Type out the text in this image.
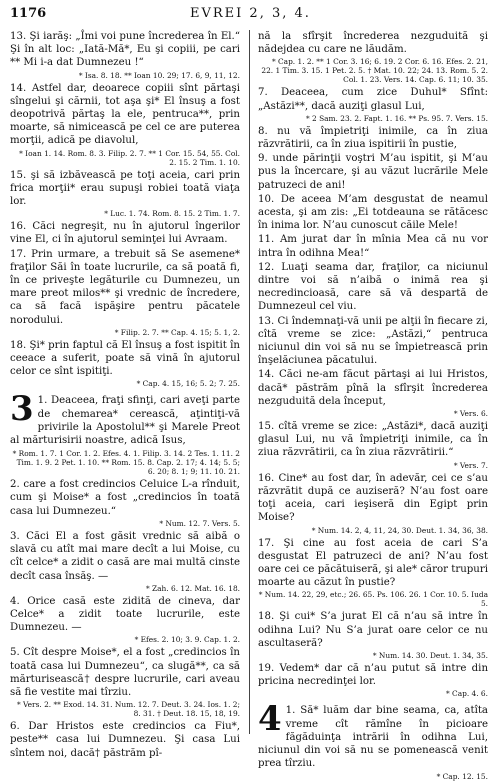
1176	EVREI 2, 3, 4.

13. Şi iarăş: „Îmi voi pune încrederea în El.“ Şi în alt loc: „Iată-Mă*, Eu şi copiii, pe cari ** Mi i-a dat Dumnezeu !“

* Isa. 8. 18. ** Ioan 10. 29; 17. 6, 9, 11, 12.

14. Astfel dar, deoarece copiii sînt părtaşi sîngelui şi cărnii, tot aşa şi* El însuş a fost deopotrivă părtaş la ele, pentruca**, prin moarte, să nimicească pe cel ce are puterea morţii, adică pe diavolul,

* Ioan 1. 14. Rom. 8. 3. Filip. 2. 7. ** 1 Cor. 15. 54, 55. Col. 2. 15. 2 Tim. 1. 10.

15. şi să izbăvească pe toţi aceia, cari prin frica morţii* erau supuşi robiei toată viaţa lor.

* Luc. 1. 74. Rom. 8. 15. 2 Tim. 1. 7.

16. Căci negreşit, nu în ajutorul îngerilor vine El, ci în ajutorul seminţei lui Avraam.

17. Prin urmare, a trebuit să Se asemene* fraţilor Săi în toate lucrurile, ca să poată fi, în ce priveşte legăturile cu Dumnezeu, un mare preot milos** şi vrednic de încredere, ca să facă ispăşire pentru păcatele norodului.

* Filip. 2. 7. ** Cap. 4. 15; 5. 1, 2.

18. Şi* prin faptul că El însuş a fost ispitit în ceeace a suferit, poate să vină în ajutorul celor ce sînt ispitiţi.

* Cap. 4. 15, 16; 5. 2; 7. 25.

3 1. Deaceea, fraţi sfinţi, cari aveţi parte de chemarea* cerească, aţintiţi-vă privirile la Apostolul** şi Marele Preot al mărturisirii noastre, adică Isus,

* Rom. 1. 7. 1 Cor. 1. 2. Efes. 4. 1. Filip. 3. 14. 2 Tes. 1. 11. 2 Tim. 1. 9. 2 Pet. 1. 10. ** Rom. 15. 8. Cap. 2. 17; 4. 14; 5. 5; 6. 20; 8. 1; 9; 11. 10. 21.

2. care a fost credincios Celuice L-a rînduit, cum şi Moise* a fost „credincios în toată casa lui Dumnezeu.“

* Num. 12. 7. Vers. 5.

3. Căci El a fost găsit vrednic să aibă o slavă cu atît mai mare decît a lui Moise, cu cît celce* a zidit o casă are mai multă cinste decît casa însăş. —

* Zah. 6. 12. Mat. 16. 18.

4. Orice casă este zidită de cineva, dar Celce* a zidit toate lucrurile, este Dumnezeu. —

* Efes. 2. 10; 3. 9. Cap. 1. 2.

5. Cît despre Moise*, el a fost „credincios în toată casa lui Dumnezeu“, ca slugă**, ca să mărturisească† despre lucrurile, cari aveau să fie vestite mai tîrziu.

* Vers. 2. ** Exod. 14. 31. Num. 12. 7. Deut. 3. 24. Ios. 1. 2; 8. 31. † Deut. 18. 15, 18, 19.

6. Dar Hristos este credincios ca Fiu*, peste** casa lui Dumnezeu. Şi casa Lui sîntem noi, dacă† păstrăm pî-

nă la sfîrşit încrederea nezguduită şi nădejdea cu care ne lăudăm.

* Cap. 1. 2. ** 1 Cor. 3. 16; 6. 19. 2 Cor. 6. 16. Efes. 2. 21, 22. 1 Tim. 3. 15. 1 Pet. 2. 5. † Mat. 10. 22; 24. 13. Rom. 5. 2. Col. 1. 23. Vers. 14. Cap. 6. 11; 10. 35.

7. Deaceea, cum zice Duhul* Sfînt: „Astăzi**, dacă auziţi glasul Lui,

* 2 Sam. 23. 2. Fapt. 1. 16. ** Ps. 95. 7. Vers. 15.

8. nu vă împietriţi inimile, ca în ziua răzvrătirii, ca în ziua ispitirii în pustie,

9. unde părinţii voştri M’au ispitit, şi M’au pus la încercare, şi au văzut lucrările Mele patruzeci de ani!

10. De aceea M’am desgustat de neamul acesta, şi am zis: „Ei totdeauna se rătăcesc în inima lor. N’au cunoscut căile Mele!

11. Am jurat dar în mînia Mea că nu vor intra în odihna Mea!“

12. Luaţi seama dar, fraţilor, ca niciunul dintre voi să n’aibă o inimă rea şi necredincioasă, care să vă despartă de Dumnezeul cel viu.

13. Ci îndemnaţi-vă unii pe alţii în fiecare zi, cîtă vreme se zice: „Astăzi,“ pentruca niciunul din voi să nu se împietrească prin înşelăciunea păcatului.

14. Căci ne-am făcut părtaşi ai lui Hristos, dacă* păstrăm pînă la sfîrşit încrederea nezguduită dela început,

* Vers. 6.

15. cîtă vreme se zice: „Astăzi*, dacă auziţi glasul Lui, nu vă împietriţi inimile, ca în ziua răzvrătirii, ca în ziua răzvrătirii.“

* Vers. 7.

16. Cine* au fost dar, în adevăr, cei ce s’au răzvrătit după ce auziseră? N’au fost oare toţi aceia, cari ieşiseră din Egipt prin Moise?

* Num. 14. 2, 4, 11, 24, 30. Deut. 1. 34, 36, 38.

17. Şi cine au fost aceia de cari S’a desgustat El patruzeci de ani? N’au fost oare cei ce păcătuiseră, şi ale* căror trupuri moarte au căzut în pustie?

* Num. 14. 22, 29, etc.; 26. 65. Ps. 106. 26. 1 Cor. 10. 5. Iuda 5.

18. Şi cui* S’a jurat El că n’au să intre în odihna Lui? Nu S’a jurat oare celor ce nu ascultaseră?

* Num. 14. 30. Deut. 1. 34, 35.

19. Vedem* dar că n’au putut să intre din pricina necredinţei lor.

* Cap. 4. 6.

4 1. Să* luăm dar bine seama, ca, atîta vreme cît rămîne în picioare făgăduinţa intrării în odihna Lui, niciunul din voi să nu se pomenească venit prea tîrziu.

* Cap. 12. 15.
